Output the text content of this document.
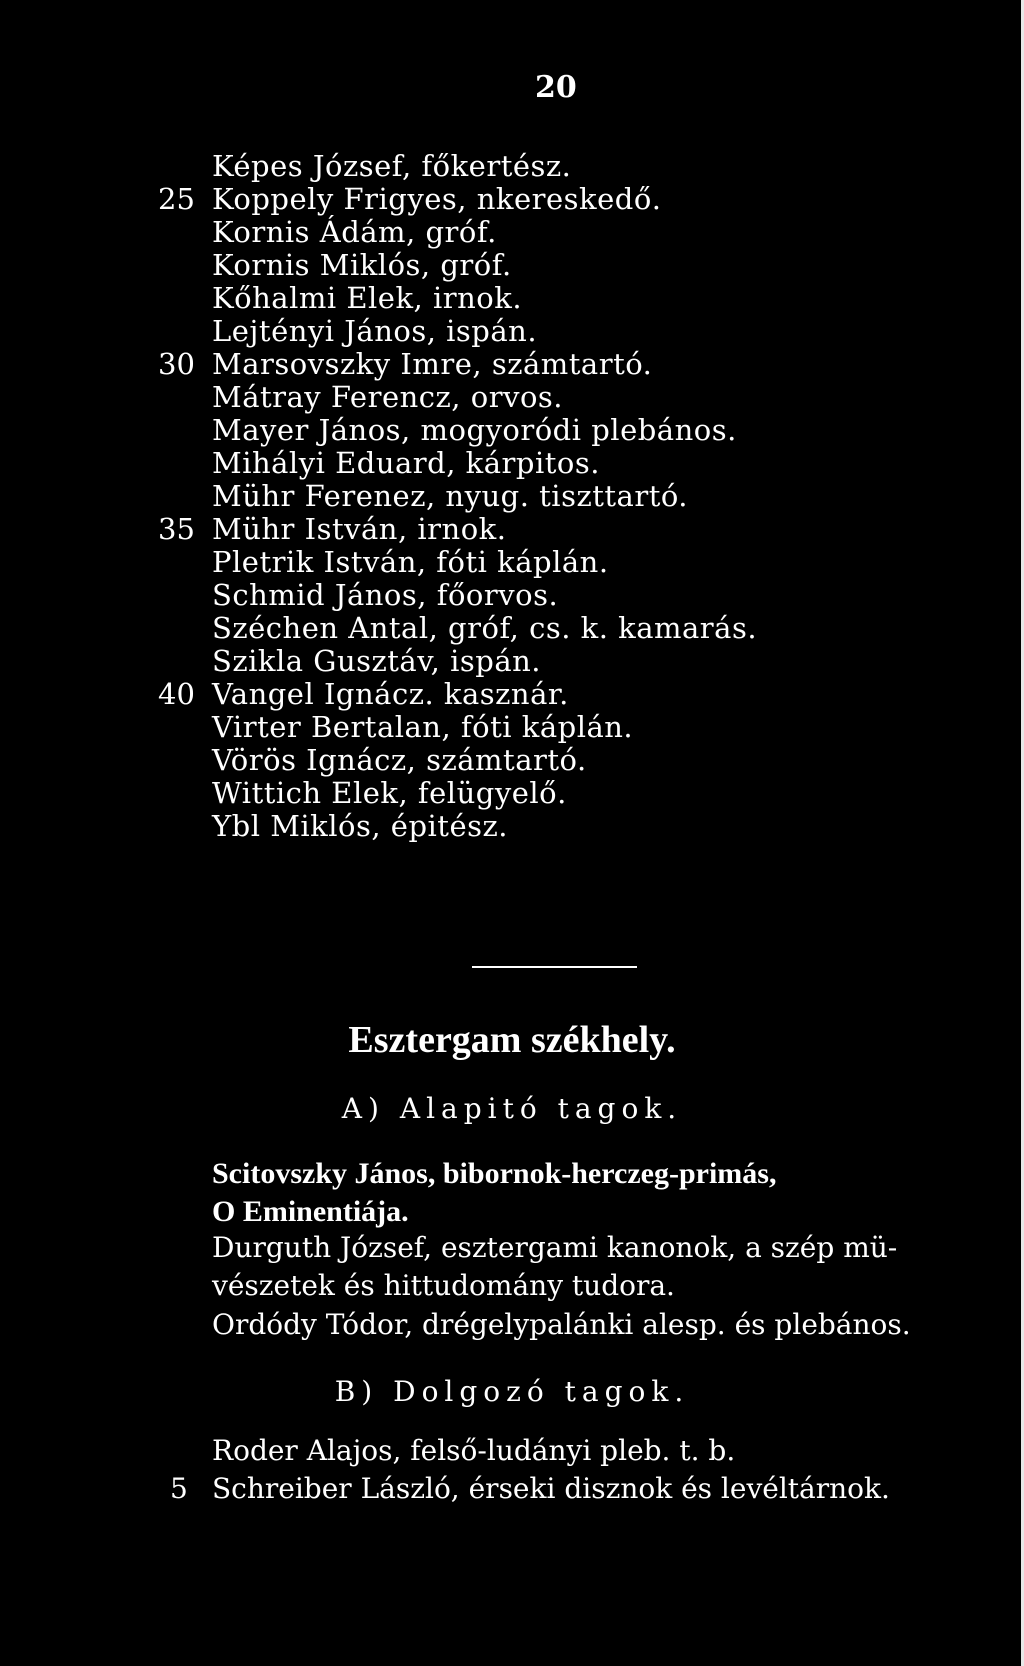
20
Képes József, főkertész.
25 Koppely Frigyes, nkereskedő.
Kornis Ádám, gróf.
Kornis Miklós, gróf.
Kőhalmi Elek, irnok.
Lejtényi János, ispán.
30 Marsovszky Imre, számtartó.
Mátray Ferencz, orvos.
Mayer János, mogyoródi plebános.
Mihályi Eduard, kárpitos.
Mühr Ferenez, nyug. tiszttartó.
35 Mühr István, irnok.
Pletrik István, fóti káplán.
Schmid János, főorvos.
Széchen Antal, gróf, cs. k. kamarás.
Szikla Gusztáv, ispán.
40 Vangel Ignácz. kasznár.
Virter Bertalan, fóti káplán.
Vörös Ignácz, számtartó.
Wittich Elek, felügyelő.
Ybl Miklós, épitész.
Esztergam székhely.
A) Alapitó tagok.
Scitovszky János, bibornok-herczeg-primás,
O Eminentiája.
Durguth József, esztergami kanonok, a szép mü-
vészetek és hittudomány tudora.
Ordódy Tódor, drégelypalánki alesp. és plebános.
B) Dolgozó tagok.
Roder Alajos, felső-ludányi pleb. t. b.
5 Schreiber László, érseki disznok és levéltárnok.
